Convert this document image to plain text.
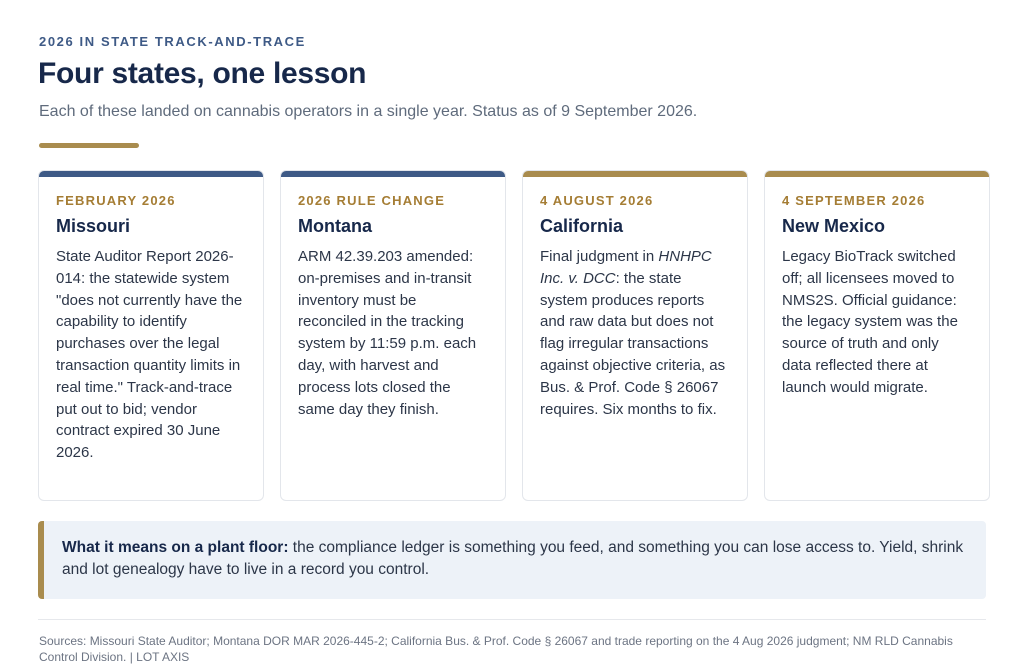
2026 IN STATE TRACK-AND-TRACE
Four states, one lesson

Each of these landed on cannabis operators in a single year. Status as of 9 September 2026.

FEBRUARY 2026
Missouri
State Auditor Report 2026-014: the statewide system "does not currently have the capability to identify purchases over the legal transaction quantity limits in real time." Track-and-trace put out to bid; vendor contract expired 30 June 2026.
2026 RULE CHANGE
Montana
ARM 42.39.203 amended: on-premises and in-transit inventory must be reconciled in the tracking system by 11:59 p.m. each day, with harvest and process lots closed the same day they finish.
4 AUGUST 2026
California
Final judgment in HNHPC Inc. v. DCC: the state system produces reports and raw data but does not flag irregular transactions against objective criteria, as Bus. & Prof. Code § 26067 requires. Six months to fix.
4 SEPTEMBER 2026
New Mexico
Legacy BioTrack switched off; all licensees moved to NMS2S. Official guidance: the legacy system was the source of truth and only data reflected there at launch would migrate.
What it means on a plant floor: the compliance ledger is something you feed, and something you can lose access to. Yield, shrink and lot genealogy have to live in a record you control.

Sources: Missouri State Auditor; Montana DOR MAR 2026-445-2; California Bus. & Prof. Code § 26067 and trade reporting on the 4 Aug 2026 judgment; NM RLD Cannabis Control Division. | LOT AXIS
